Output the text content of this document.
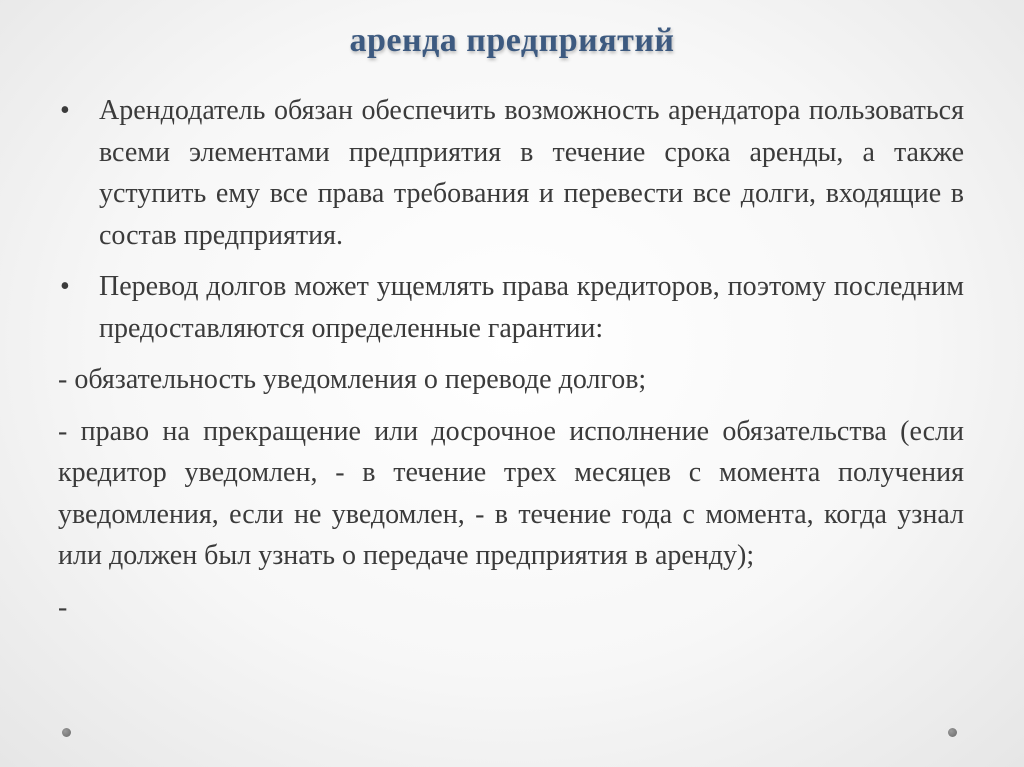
аренда предприятий
• Арендодатель обязан обеспечить возможность арендатора пользоваться всеми элементами предприятия в течение срока аренды, а также уступить ему все права требования и перевести все долги, входящие в состав предприятия.
• Перевод долгов может ущемлять права кредиторов, поэтому последним предоставляются определенные гарантии:
- обязательность уведомления о переводе долгов;
- право на прекращение или досрочное исполнение обязательства (если кредитор уведомлен, - в течение трех месяцев с момента получения уведомления, если не уведомлен, - в течение года с момента, когда узнал или должен был узнать о передаче предприятия в аренду);
-
